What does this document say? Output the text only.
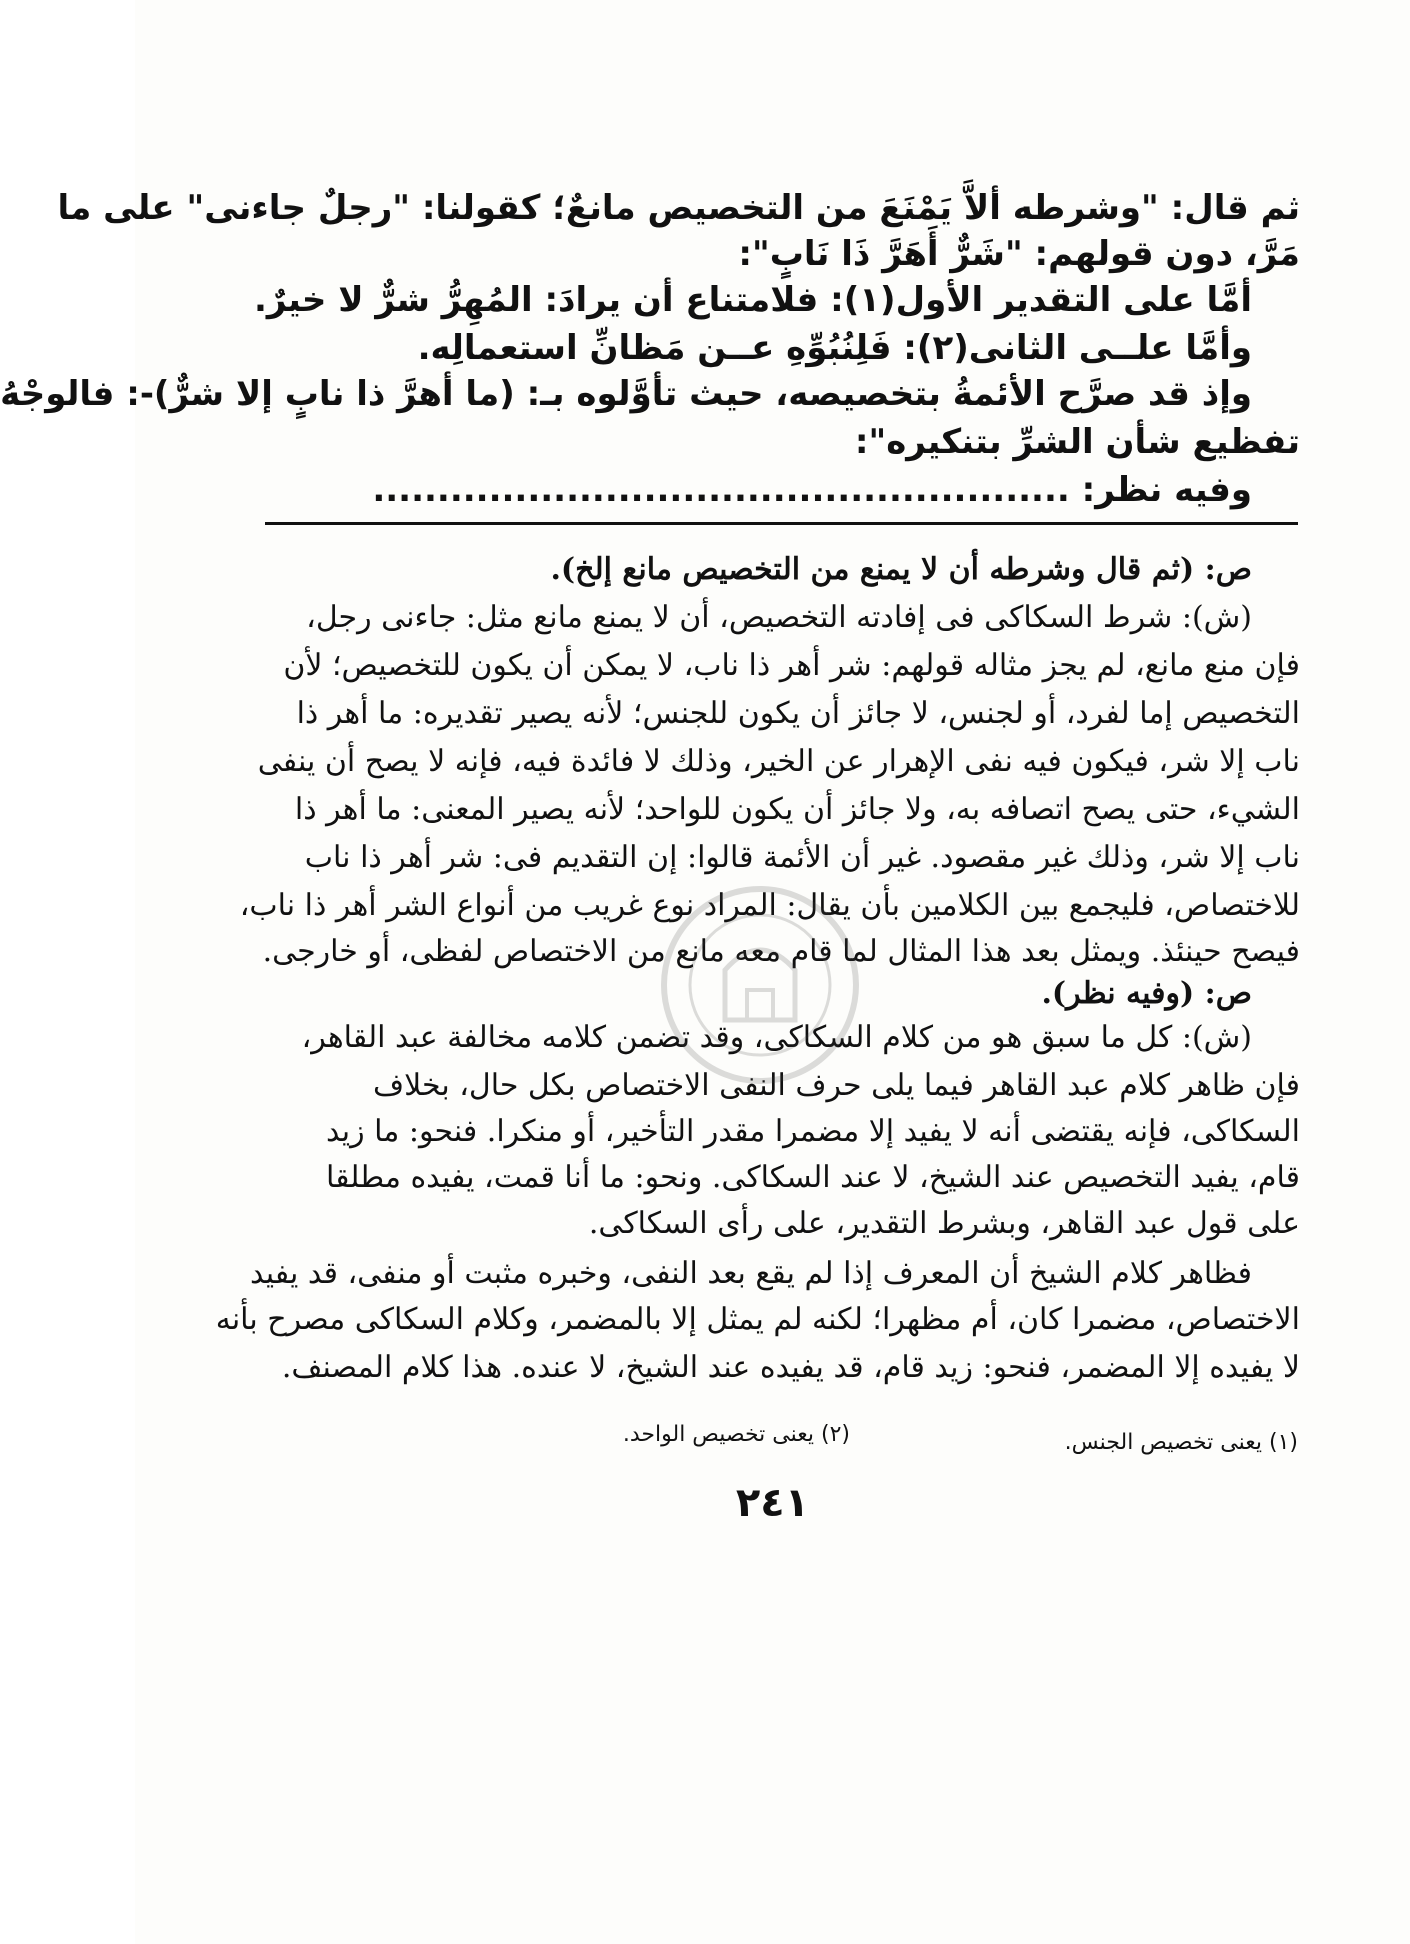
ثم قال: "وشرطه ألاَّ يَمْنَعَ من التخصيص مانعٌ؛ كقولنا: "رجلٌ جاءنى" على ما
مَرَّ، دون قولهم: "شَرٌّ أَهَرَّ ذَا نَابٍ":
أمَّا على التقدير الأول(١): فلامتناع أن يرادَ: المُهِرُّ شرٌّ لا خيرٌ.
وأمَّا علــى الثانى(٢): فَلِنُبُوِّهِ عــن مَظانِّ استعمالِه.
وإذ قد صرَّح الأئمةُ بتخصيصه، حيث تأوَّلوه بـ: (ما أهرَّ ذا نابٍ إلا شرٌّ)-: فالوجْهُ
تفظيع شأن الشرِّ بتنكيره":
وفيه نظر: ......................................................
ص: (ثم قال وشرطه أن لا يمنع من التخصيص مانع إلخ).
(ش): شرط السكاكى فى إفادته التخصيص، أن لا يمنع مانع مثل: جاءنى رجل،
فإن منع مانع، لم يجز مثاله قولهم: شر أهر ذا ناب، لا يمكن أن يكون للتخصيص؛ لأن
التخصيص إما لفرد، أو لجنس، لا جائز أن يكون للجنس؛ لأنه يصير تقديره: ما أهر ذا
ناب إلا شر، فيكون فيه نفى الإهرار عن الخير، وذلك لا فائدة فيه، فإنه لا يصح أن ينفى
الشيء، حتى يصح اتصافه به، ولا جائز أن يكون للواحد؛ لأنه يصير المعنى: ما أهر ذا
ناب إلا شر، وذلك غير مقصود. غير أن الأئمة قالوا: إن التقديم فى: شر أهر ذا ناب
للاختصاص، فليجمع بين الكلامين بأن يقال: المراد نوع غريب من أنواع الشر أهر ذا ناب،
فيصح حينئذ. ويمثل بعد هذا المثال لما قام معه مانع من الاختصاص لفظى، أو خارجى.
ص: (وفيه نظر).
(ش): كل ما سبق هو من كلام السكاكى، وقد تضمن كلامه مخالفة عبد القاهر،
فإن ظاهر كلام عبد القاهر فيما يلى حرف النفى الاختصاص بكل حال، بخلاف
السكاكى، فإنه يقتضى أنه لا يفيد إلا مضمرا مقدر التأخير، أو منكرا. فنحو: ما زيد
قام، يفيد التخصيص عند الشيخ، لا عند السكاكى. ونحو: ما أنا قمت، يفيده مطلقا
على قول عبد القاهر، وبشرط التقدير، على رأى السكاكى.
فظاهر كلام الشيخ أن المعرف إذا لم يقع بعد النفى، وخبره مثبت أو منفى، قد يفيد
الاختصاص، مضمرا كان، أم مظهرا؛ لكنه لم يمثل إلا بالمضمر، وكلام السكاكى مصرح بأنه
لا يفيده إلا المضمر، فنحو: زيد قام، قد يفيده عند الشيخ، لا عنده. هذا كلام المصنف.
(١) يعنى تخصيص الجنس.
(٢) يعنى تخصيص الواحد.
٢٤١
